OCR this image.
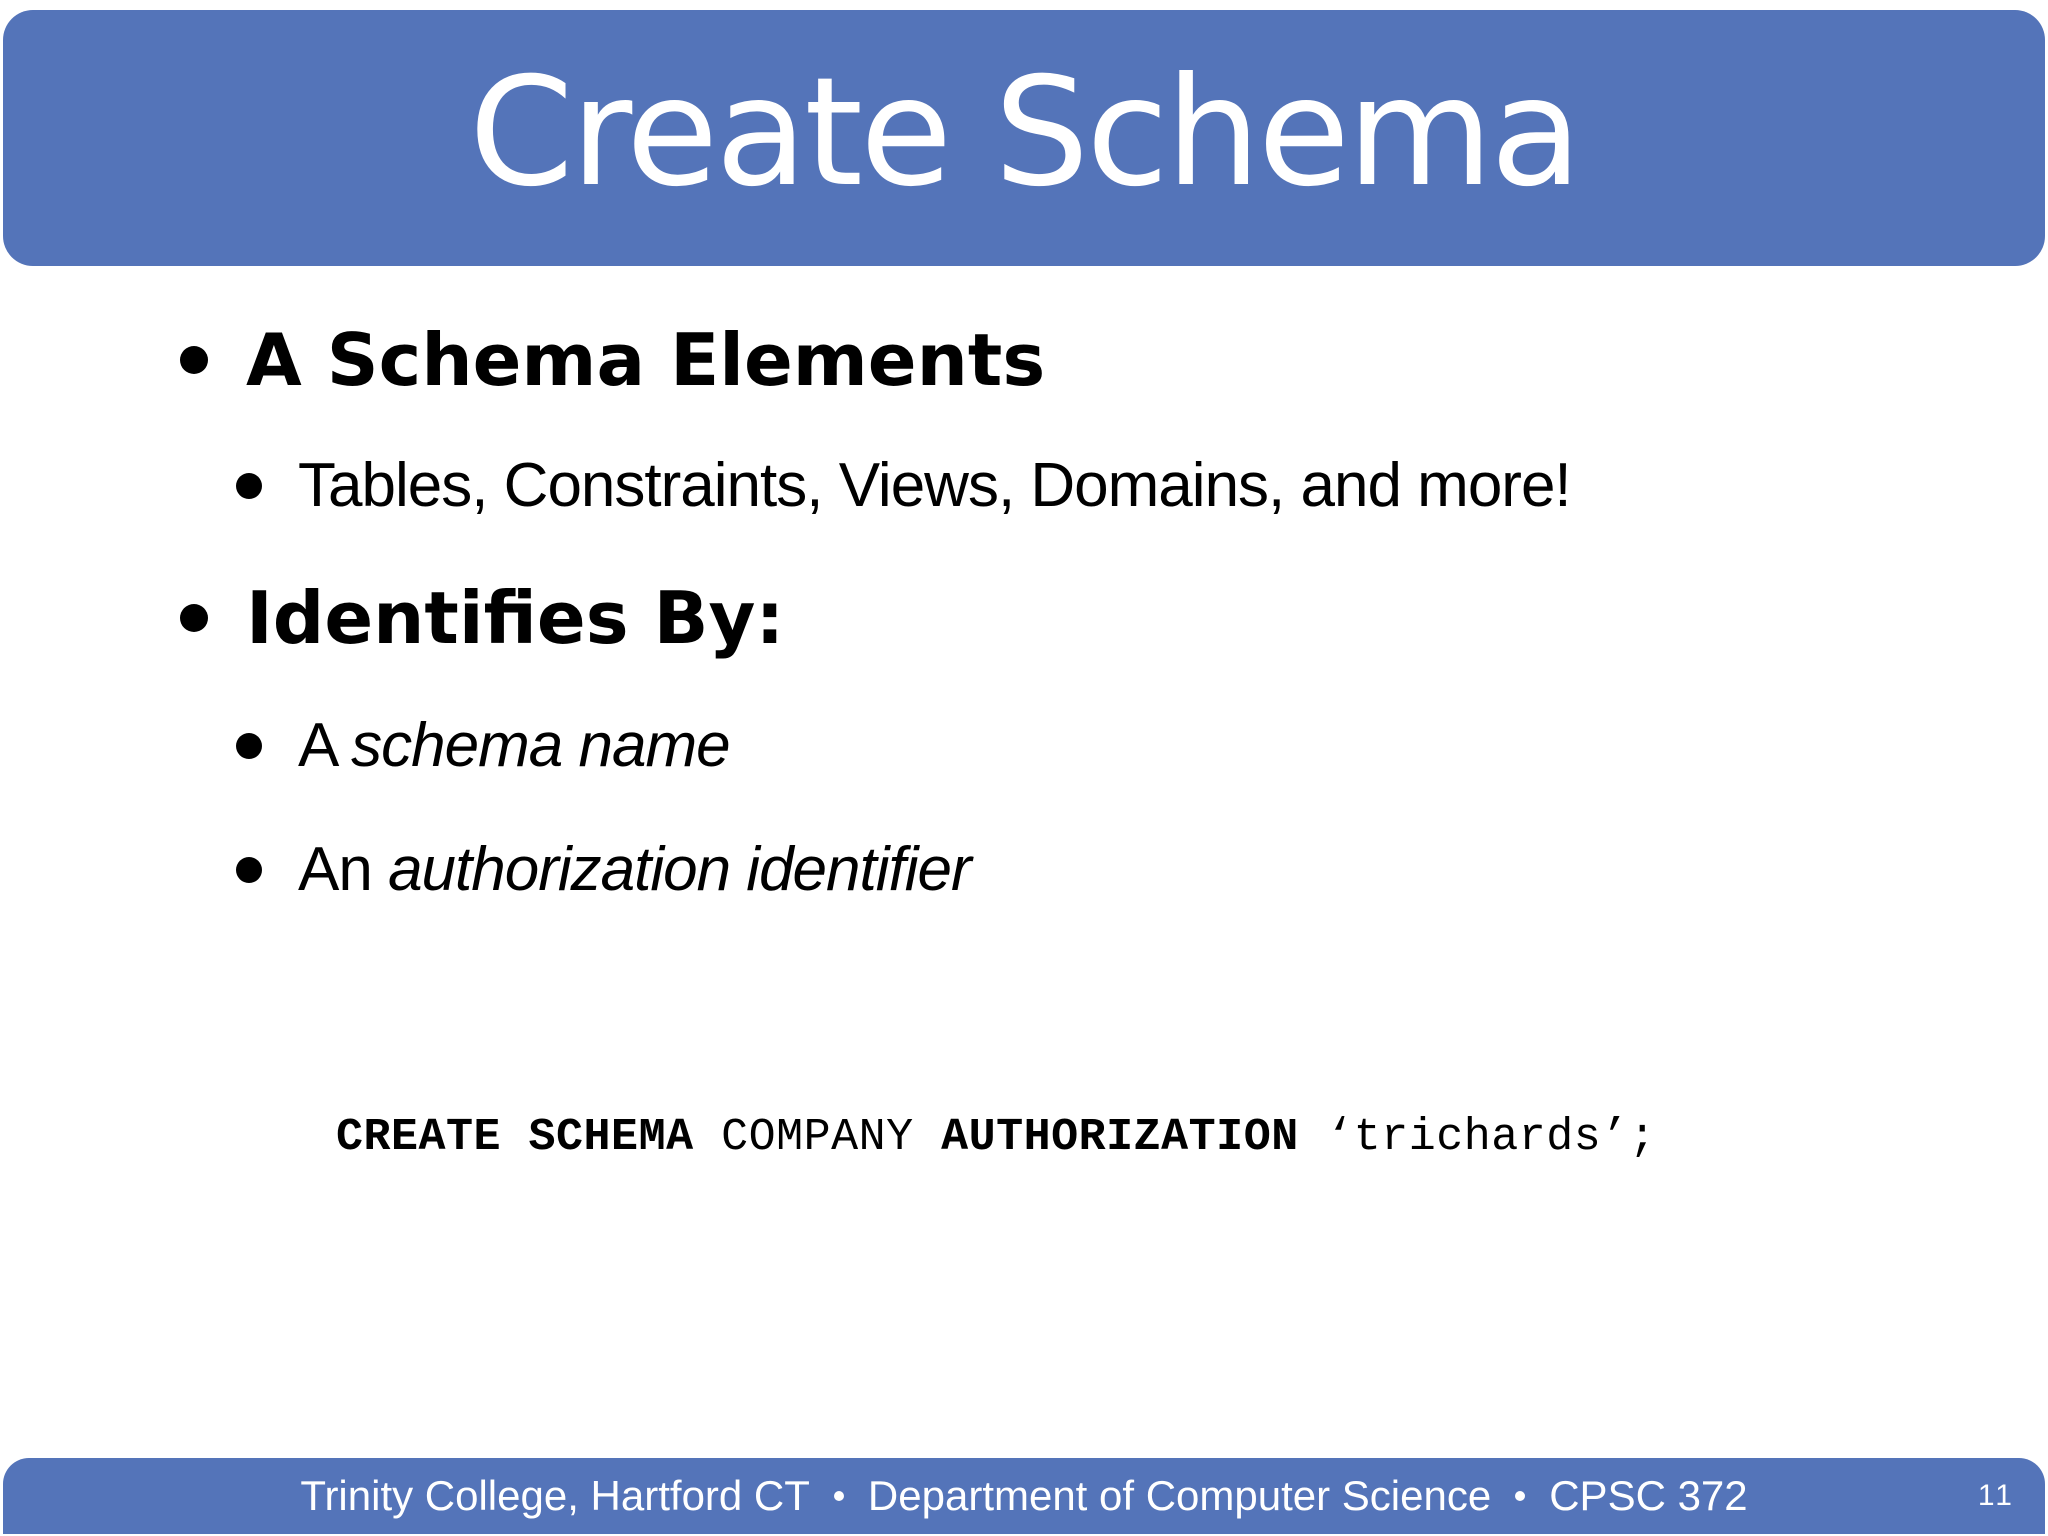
Create Schema
A Schema Elements
Tables, Constraints, Views, Domains, and more!
Identifies By:
A schema name
An authorization identifier
CREATE SCHEMA COMPANY AUTHORIZATION ‘trichards’;
Trinity College, Hartford CT Department of Computer Science CPSC 372	11
